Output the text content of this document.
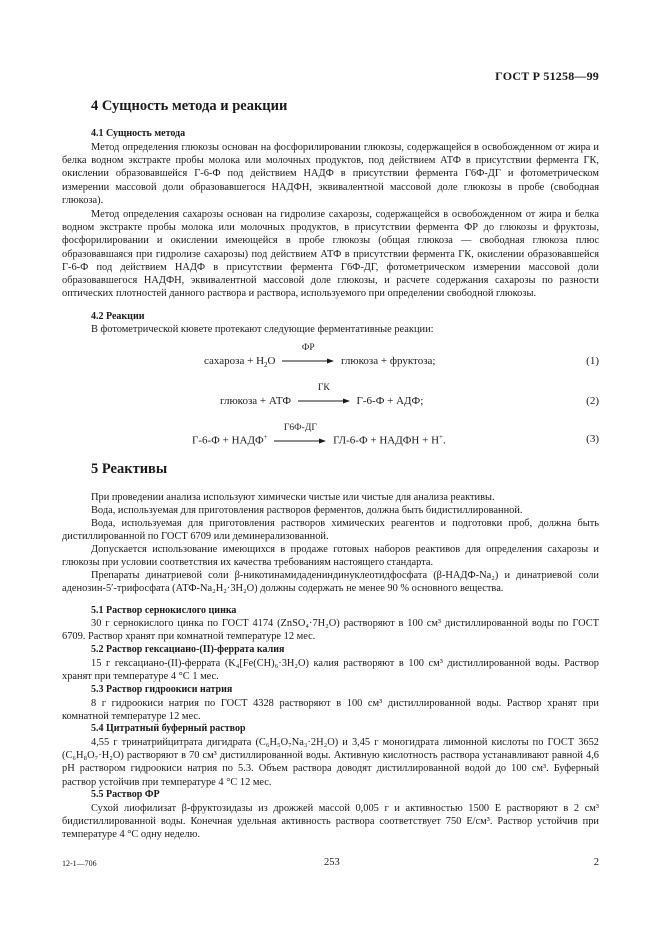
ГОСТ Р 51258—99
4 Сущность метода и реакции
4.1 Сущность метода

Метод определения глюкозы основан на фосфорилировании глюкозы, содержащейся в освобожденном от жира и белка водном экстракте пробы молока или молочных продуктов, под действием АТФ в присутствии фермента ГК, окислении образовавшейся Г-6-Ф под действием НАДФ в присутствии фермента Г6Ф-ДГ и фотометрическом измерении массовой доли образовавшегося НАДФН, эквивалентной массовой доле глюкозы в пробе (свободная глюкоза).

Метод определения сахарозы основан на гидролизе сахарозы, содержащейся в освобожденном от жира и белка водном экстракте пробы молока или молочных продуктов, в присутствии фермента ФР до глюкозы и фруктозы, фосфорилировании и окислении имеющейся в пробе глюкозы (общая глюкоза — свободная глюкоза плюс образовавшаяся при гидролизе сахарозы) под действием АТФ в присутствии фермента ГК, окислении образовавшейся Г-6-Ф под действием НАДФ в присутствии фермента Г6Ф-ДГ, фотометрическом измерении массовой доли образовавшегося НАДФН, эквивалентной массовой доле глюкозы, и расчете содержания сахарозы по разности оптических плотностей данного раствора и раствора, используемого при определении свободной глюкозы.

4.2 Реакции

В фотометрической кювете протекают следующие ферментативные реакции:

сахароза + $Н_2О$
ФР
глюкоза + фруктоза;	(1)
глюкоза + АТФ
ГК
Г-6-Ф + АДФ;	(2)
Г-6-Ф + НАДФ+
Г6Ф-ДГ
ГЛ-6-Ф + НАДФН + Н+.	(3)
5 Реактивы

При проведении анализа используют химически чистые или чистые для анализа реактивы.

Вода, используемая для приготовления растворов ферментов, должна быть бидистиллированной.

Вода, используемая для приготовления растворов химических реагентов и подготовки проб, должна быть дистиллированной по ГОСТ 6709 или деминерализованной.

Допускается использование имеющихся в продаже готовых наборов реактивов для определения сахарозы и глюкозы при условии соответствия их качества требованиям настоящего стандарта.

Препараты динатриевой соли β-никотинамидадениндинуклеотидфосфата (β-НАДФ-Na₂) и динатриевой соли аденозин-5′-трифосфата (АТФ-Na₂H₂·3H₂O) должны содержать не менее 90 % основного вещества.

5.1 Раствор сернокислого цинка

30 г сернокислого цинка по ГОСТ 4174 (ZnSO₄·7H₂O) растворяют в 100 см³ дистиллированной воды по ГОСТ 6709. Раствор хранят при комнатной температуре 12 мес.

5.2 Раствор гексациано-(II)-феррата калия

15 г гексациано-(II)-феррата (K₄[Fe(CH)₆·3H₂O) калия растворяют в 100 см³ дистиллированной воды. Раствор хранят при температуре 4 °С 1 мес.

5.3 Раствор гидроокиси натрия

8 г гидроокиси натрия по ГОСТ 4328 растворяют в 100 см³ дистиллированной воды. Раствор хранят при комнатной температуре 12 мес.

5.4 Цитратный буферный раствор

4,55 г тринатрийцитрата дигидрата (C₆H₅O₇Na₃·2H₂O) и 3,45 г моногидрата лимонной кислоты по ГОСТ 3652 (C₆H₈O₇·H₂O) растворяют в 70 см³ дистиллированной воды. Активную кислотность раствора устанавливают равной 4,6 pH раствором гидроокиси натрия по 5.3. Объем раствора доводят дистиллированной водой до 100 см³. Буферный раствор устойчив при температуре 4 °С 12 мес.

5.5 Раствор ФР

Сухой лиофилизат β-фруктозидазы из дрожжей массой 0,005 г и активностью 1500 Е растворяют в 2 см³ бидистиллированной воды. Конечная удельная активность раствора соответствует 750 Е/см³. Раствор устойчив при температуре 4 °С одну неделю.

12-1—706	253	2
